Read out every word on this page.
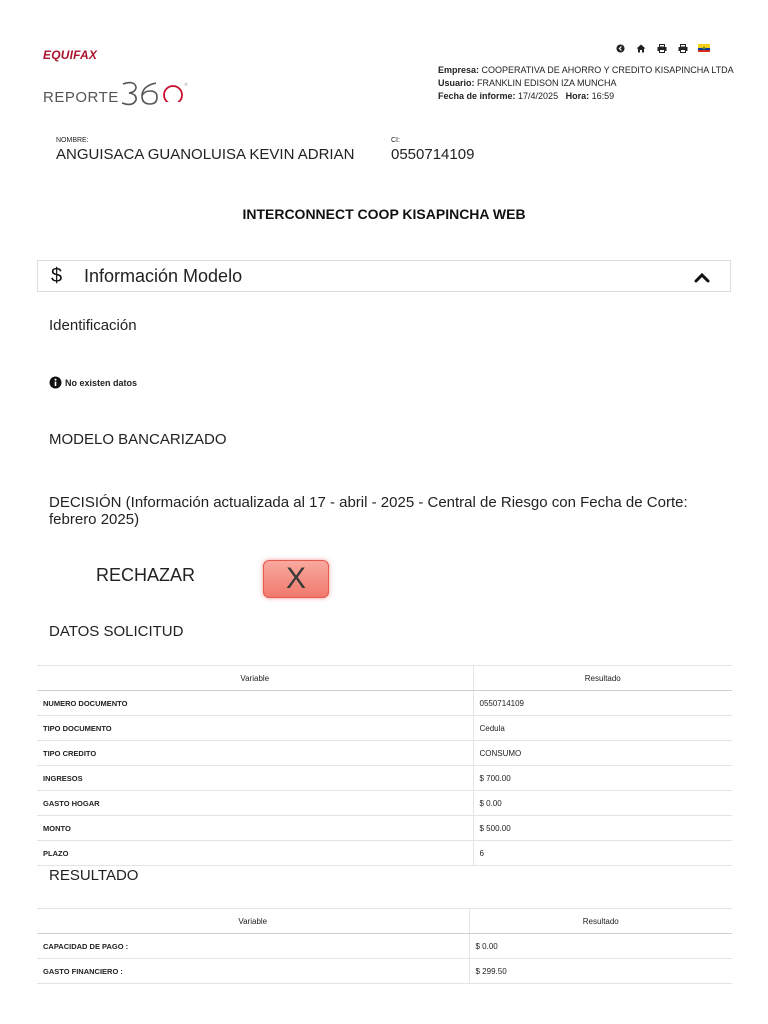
EQUIFAX
REPORTE
®
Empresa: COOPERATIVA DE AHORRO Y CREDITO KISAPINCHA LTDA
Usuario: FRANKLIN EDISON IZA MUNCHA
Fecha de informe: 17/4/2025 Hora: 16:59
NOMBRE:
ANGUISACA GUANOLUISA KEVIN ADRIAN
CI:
0550714109
INTERCONNECT COOP KISAPINCHA WEB
$ Información Modelo
Identificación
No existen datos
MODELO BANCARIZADO
DECISIÓN (Información actualizada al 17 - abril - 2025 - Central de Riesgo con Fecha de Corte: febrero 2025)
RECHAZAR	X
DATOS SOLICITUD
Variable	Resultado
NUMERO DOCUMENTO	0550714109
TIPO DOCUMENTO	Cedula
TIPO CREDITO	CONSUMO
INGRESOS	$ 700.00
GASTO HOGAR	$ 0.00
MONTO	$ 500.00
PLAZO	6
RESULTADO
Variable	Resultado
CAPACIDAD DE PAGO :	$ 0.00
GASTO FINANCIERO :	$ 299.50
